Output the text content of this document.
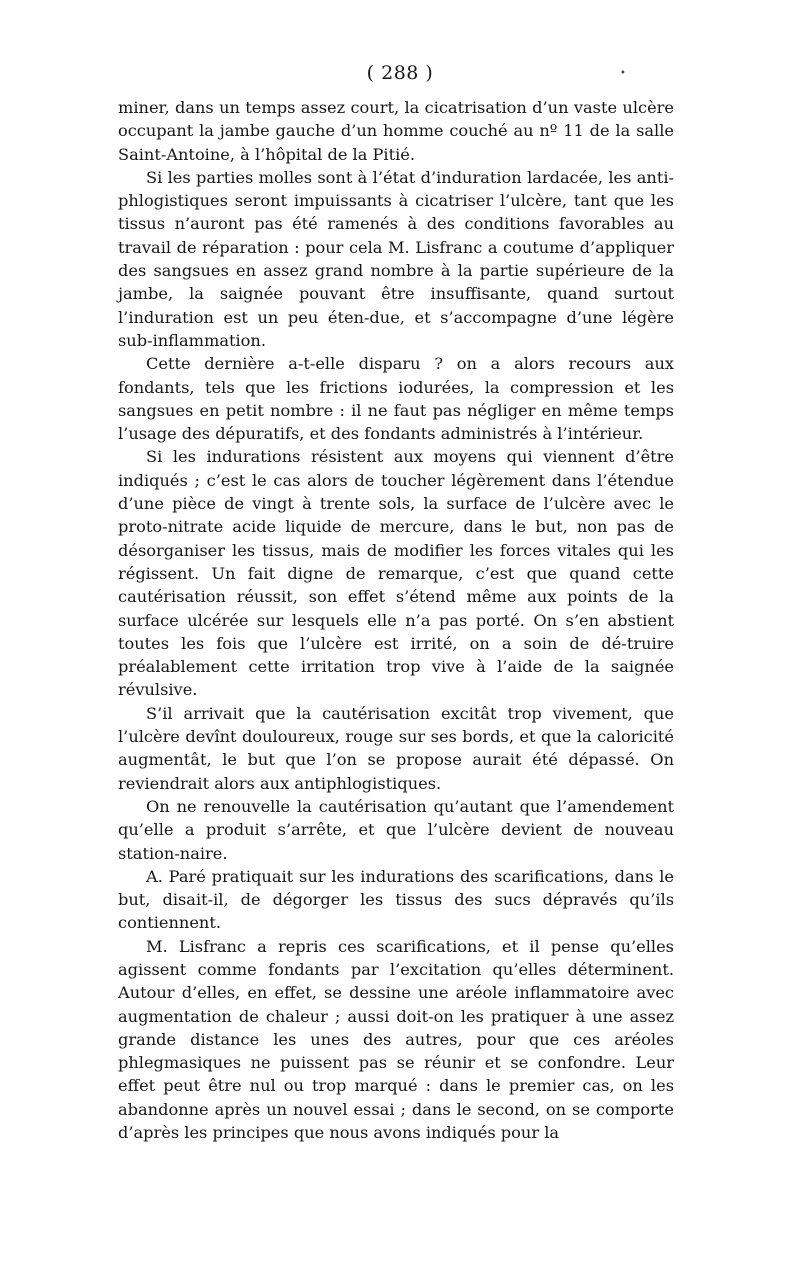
( 288 )	•

miner, dans un temps assez court, la cicatrisation d’un vaste ulcère occupant la jambe gauche d’un homme couché au nº 11 de la salle Saint-Antoine, à l’hôpital de la Pitié.

Si les parties molles sont à l’état d’induration lardacée, les anti-phlogistiques seront impuissants à cicatriser l’ulcère, tant que les tissus n’auront pas été ramenés à des conditions favorables au travail de réparation : pour cela M. Lisfranc a coutume d’appliquer des sangsues en assez grand nombre à la partie supérieure de la jambe, la saignée pouvant être insuffisante, quand surtout l’induration est un peu éten-due, et s’accompagne d’une légère sub-inflammation.

Cette dernière a-t-elle disparu ? on a alors recours aux fondants, tels que les frictions iodurées, la compression et les sangsues en petit nombre : il ne faut pas négliger en même temps l’usage des dépuratifs, et des fondants administrés à l’intérieur.

Si les indurations résistent aux moyens qui viennent d’être indiqués ; c’est le cas alors de toucher légèrement dans l’étendue d’une pièce de vingt à trente sols, la surface de l’ulcère avec le proto-nitrate acide liquide de mercure, dans le but, non pas de désorganiser les tissus, mais de modifier les forces vitales qui les régissent. Un fait digne de remarque, c’est que quand cette cautérisation réussit, son effet s’étend même aux points de la surface ulcérée sur lesquels elle n’a pas porté. On s’en abstient toutes les fois que l’ulcère est irrité, on a soin de dé-truire préalablement cette irritation trop vive à l’aide de la saignée révulsive.

S’il arrivait que la cautérisation excitât trop vivement, que l’ulcère devînt douloureux, rouge sur ses bords, et que la caloricité augmentât, le but que l’on se propose aurait été dépassé. On reviendrait alors aux antiphlogistiques.

On ne renouvelle la cautérisation qu’autant que l’amendement qu’elle a produit s’arrête, et que l’ulcère devient de nouveau station-naire.

A. Paré pratiquait sur les indurations des scarifications, dans le but, disait-il, de dégorger les tissus des sucs dépravés qu’ils contiennent.

M. Lisfranc a repris ces scarifications, et il pense qu’elles agissent comme fondants par l’excitation qu’elles déterminent. Autour d’elles, en effet, se dessine une aréole inflammatoire avec augmentation de chaleur ; aussi doit-on les pratiquer à une assez grande distance les unes des autres, pour que ces aréoles phlegmasiques ne puissent pas se réunir et se confondre. Leur effet peut être nul ou trop marqué : dans le premier cas, on les abandonne après un nouvel essai ; dans le second, on se comporte d’après les principes que nous avons indiqués pour la
